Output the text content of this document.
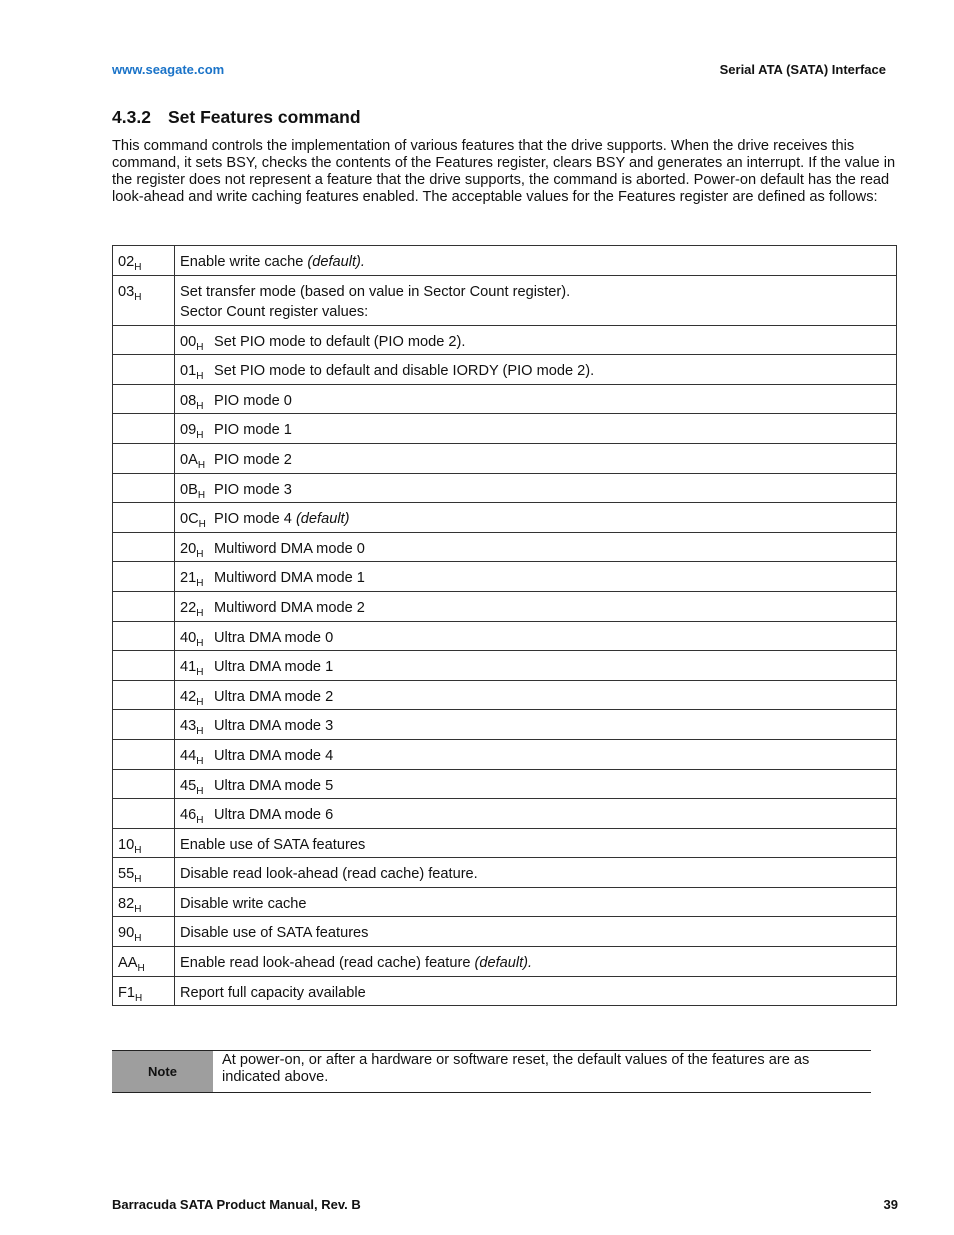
www.seagate.com	Serial ATA (SATA) Interface
4.3.2 Set Features command

This command controls the implementation of various features that the drive supports. When the drive receives this command, it sets BSY, checks the contents of the Features register, clears BSY and generates an interrupt. If the value in the register does not represent a feature that the drive supports, the command is aborted. Power-on default has the read look-ahead and write caching features enabled. The acceptable values for the Features register are defined as follows:

$02_H$	Enable write cache (default).

$03_H$	Set transfer mode (based on value in Sector Count register).
Sector Count register values:

	$00_H$ Set PIO mode to default (PIO mode 2).

	$01_H$ Set PIO mode to default and disable IORDY (PIO mode 2).

	$08_H$ PIO mode 0

	$09_H$ PIO mode 1

	$0A_H$ PIO mode 2

	$0B_H$ PIO mode 3

	$0C_H$ PIO mode 4 (default)

	$20_H$ Multiword DMA mode 0

	$21_H$ Multiword DMA mode 1

	$22_H$ Multiword DMA mode 2

	$40_H$ Ultra DMA mode 0

	$41_H$ Ultra DMA mode 1

	$42_H$ Ultra DMA mode 2

	$43_H$ Ultra DMA mode 3

	$44_H$ Ultra DMA mode 4

	$45_H$ Ultra DMA mode 5

	$46_H$ Ultra DMA mode 6

$10_H$	Enable use of SATA features

$55_H$	Disable read look-ahead (read cache) feature.

$82_H$	Disable write cache

$90_H$	Disable use of SATA features

$AA_H$	Enable read look-ahead (read cache) feature (default).

$F1_H$	Report full capacity available
Note
At power-on, or after a hardware or software reset, the default values of the features are as indicated above.
Barracuda SATA Product Manual, Rev. B	39
